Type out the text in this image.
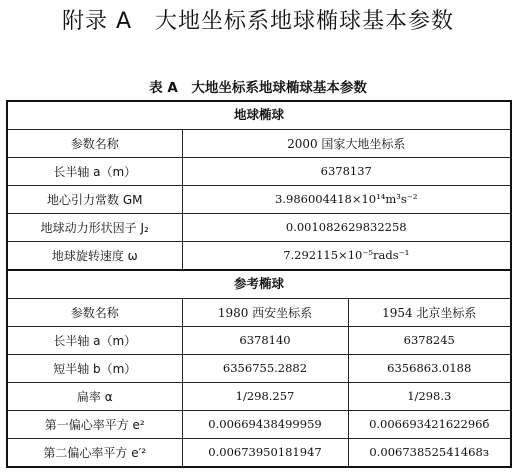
附录 A　大地坐标系地球椭球基本参数
表 A　大地坐标系地球椭球基本参数
地球椭球		
参数名称	2000 国家大地坐标系	
长半轴 a（m）	6378137	
地心引力常数 GM	3.986004418×10¹⁴m³s⁻²	
地球动力形状因子 J₂	0.001082629832258	
地球旋转速度 ω	7.292115×10⁻⁵rads⁻¹	
参考椭球		
参数名称	1980 西安坐标系	1954 北京坐标系
长半轴 a（m）	6378140	6378245
短半轴 b（m）	6356755.2882	6356863.0188
扁率 α	1/298.257	1/298.3
第一偏心率平方 e²	0.00669438499959	0.00669342162296б
第二偏心率平方 e′²	0.00673950181947	0.00673852541468з
